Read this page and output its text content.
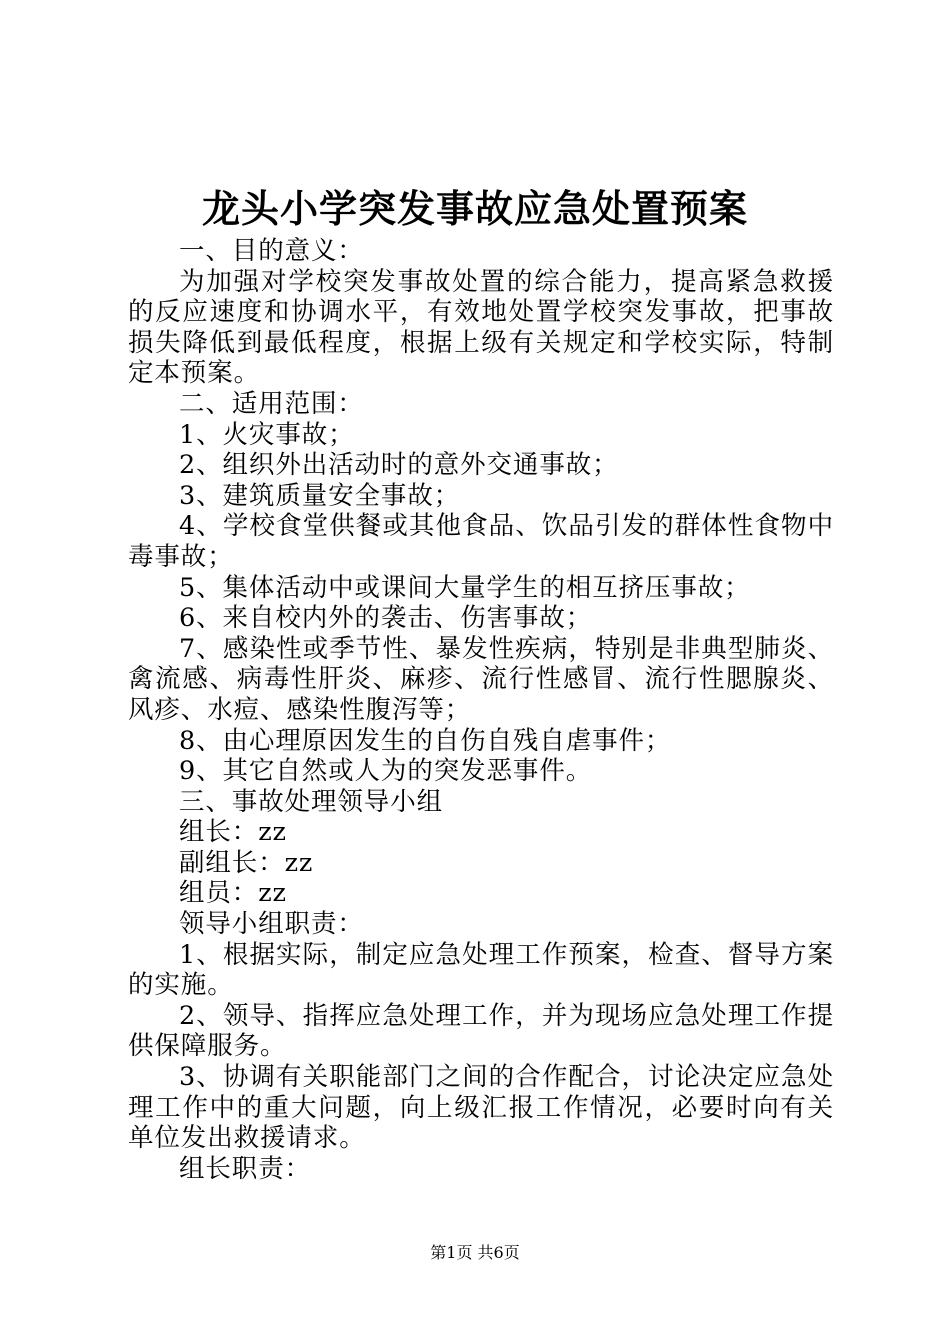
龙头小学突发事故应急处置预案

一、目的意义：

为加强对学校突发事故处置的综合能力，提高紧急救援的反应速度和协调水平，有效地处置学校突发事故，把事故损失降低到最低程度，根据上级有关规定和学校实际，特制定本预案。

二、适用范围：

1、火灾事故；

2、组织外出活动时的意外交通事故；

3、建筑质量安全事故；

4、学校食堂供餐或其他食品、饮品引发的群体性食物中毒事故；

5、集体活动中或课间大量学生的相互挤压事故；

6、来自校内外的袭击、伤害事故；

7、感染性或季节性、暴发性疾病，特别是非典型肺炎、禽流感、病毒性肝炎、麻疹、流行性感冒、流行性腮腺炎、风疹、水痘、感染性腹泻等；

8、由心理原因发生的自伤自残自虐事件；

9、其它自然或人为的突发恶事件。

三、事故处理领导小组

组长：zz

副组长：zz

组员：zz

领导小组职责：

1、根据实际，制定应急处理工作预案，检查、督导方案的实施。

2、领导、指挥应急处理工作，并为现场应急处理工作提供保障服务。

3、协调有关职能部门之间的合作配合，讨论决定应急处理工作中的重大问题，向上级汇报工作情况，必要时向有关单位发出救援请求。

组长职责：

第1页 共6页
